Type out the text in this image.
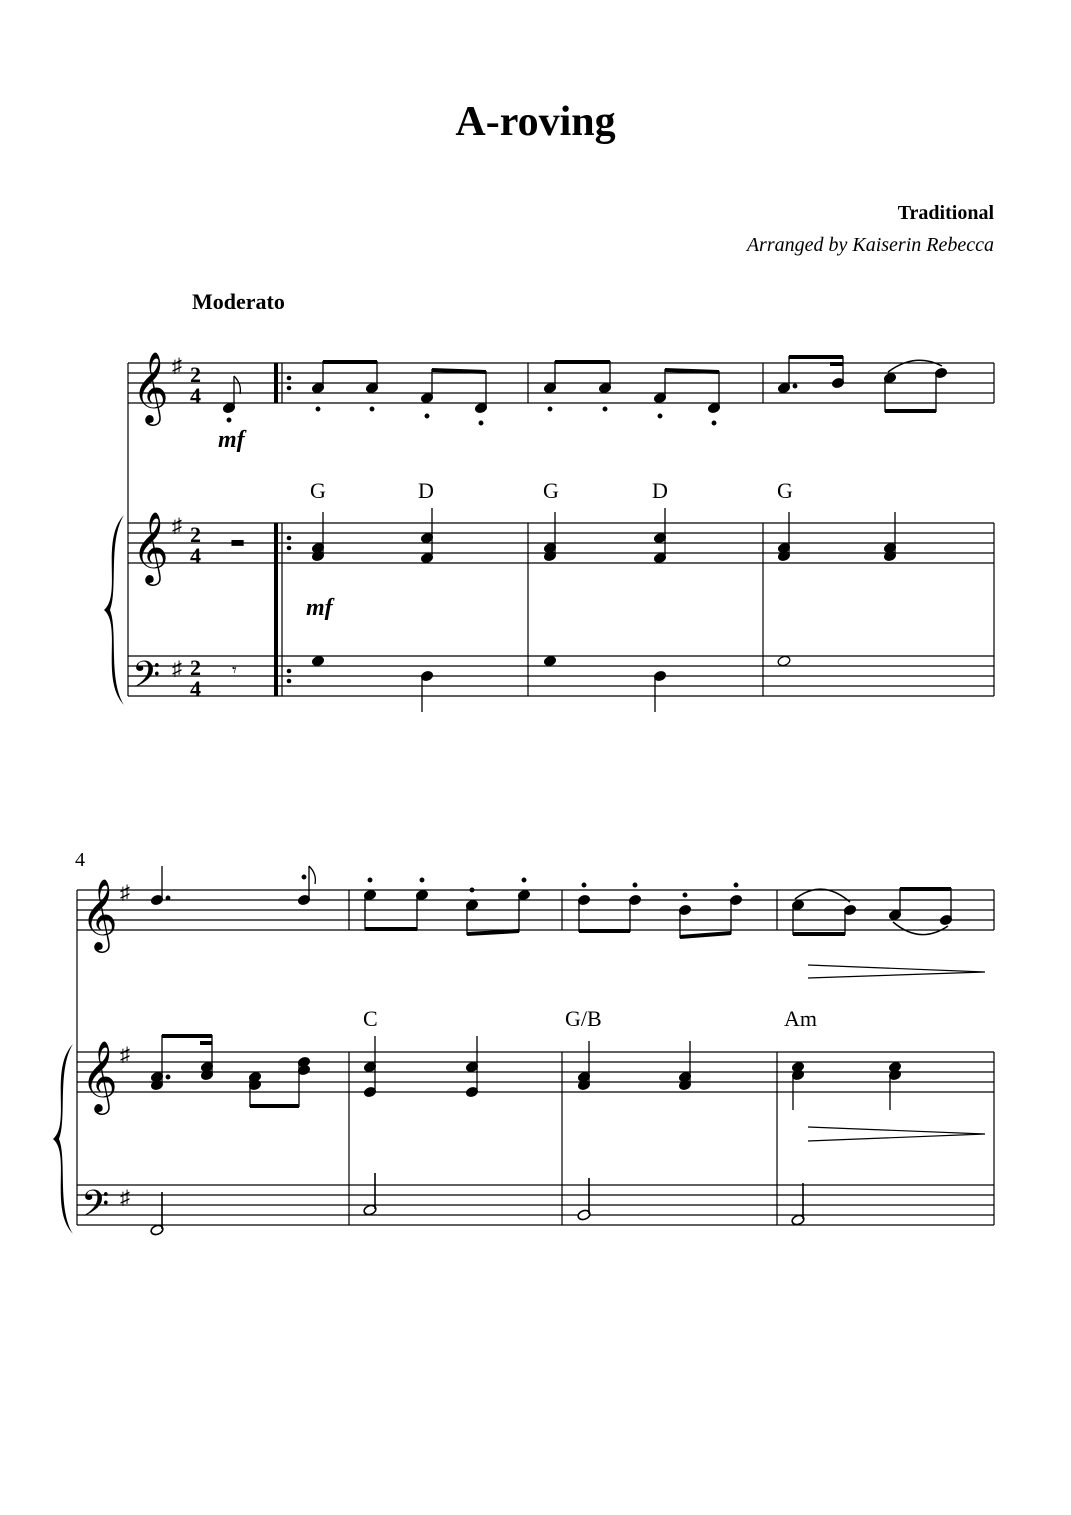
A-roving
Traditional
Arranged by Kaiserin Rebecca
Moderato
𝄞
𝄞
𝄢
♯
♯
♯
2
4
2
4
2
4
G	D	G	D	G
mf
mf
▬
𝄾
4
𝄞
𝄞
𝄢
♯
♯
♯
C	G/B	Am
